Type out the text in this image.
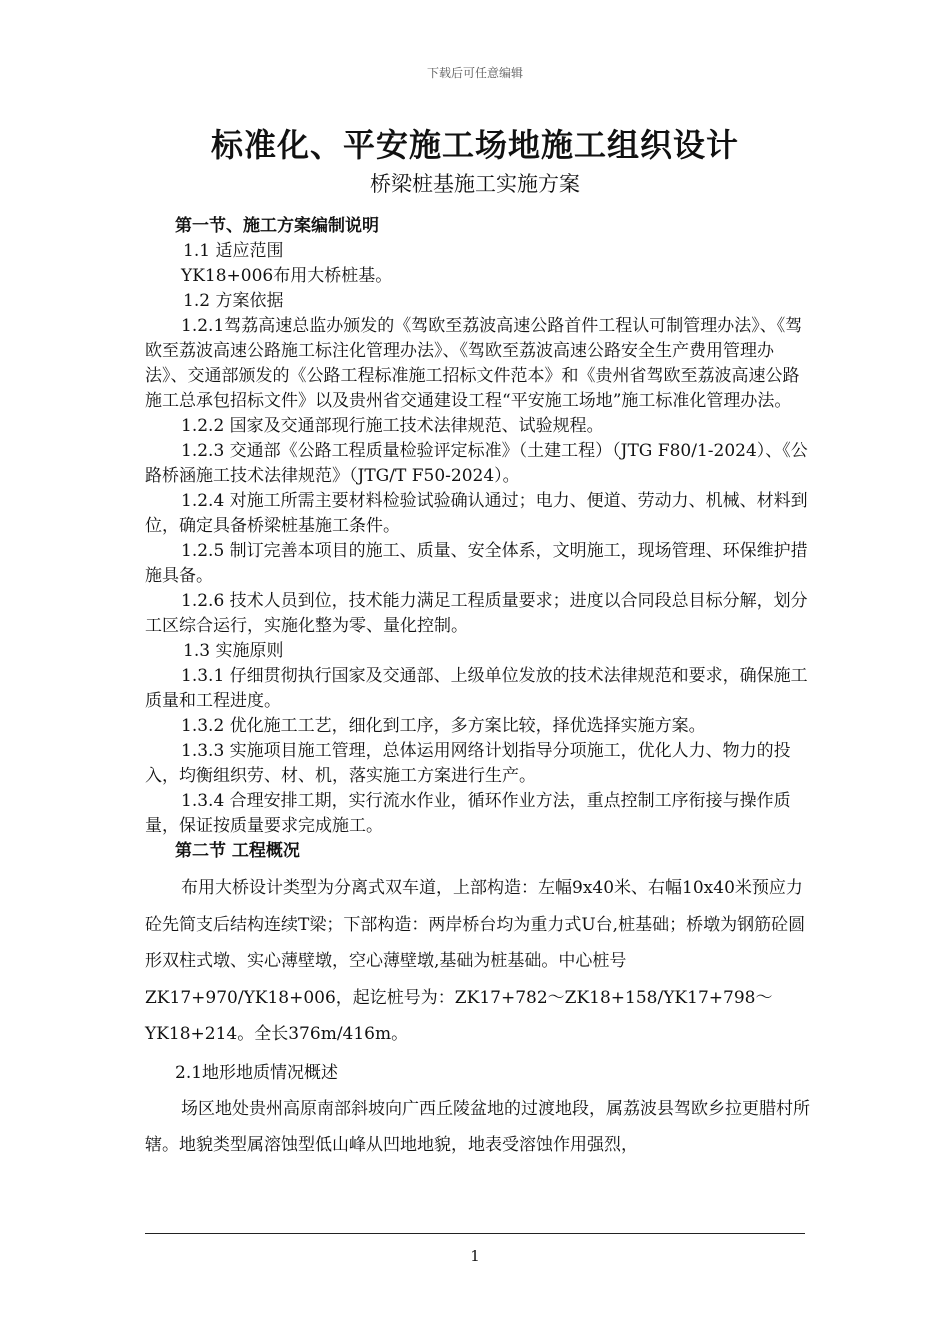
下载后可任意编辑
标准化、平安施工场地施工组织设计
桥梁桩基施工实施方案

第一节、施工方案编制说明

1.1 适应范围

YK18+006布用大桥桩基。

1.2 方案依据

1.2.1驾荔高速总监办颁发的《驾欧至荔波高速公路首件工程认可制管理办法》、《驾欧至荔波高速公路施工标注化管理办法》、《驾欧至荔波高速公路安全生产费用管理办法》、交通部颁发的《公路工程标准施工招标文件范本》和《贵州省驾欧至荔波高速公路施工总承包招标文件》以及贵州省交通建设工程“平安施工场地”施工标准化管理办法。

1.2.2 国家及交通部现行施工技术法律规范、试验规程。

1.2.3 交通部《公路工程质量检验评定标准》（土建工程）（JTG F80/1-2024）、《公路桥涵施工技术法律规范》（JTG/T F50-2024）。

1.2.4 对施工所需主要材料检验试验确认通过；电力、便道、劳动力、机械、材料到位，确定具备桥梁桩基施工条件。

1.2.5 制订完善本项目的施工、质量、安全体系，文明施工，现场管理、环保维护措施具备。

1.2.6 技术人员到位，技术能力满足工程质量要求；进度以合同段总目标分解，划分工区综合运行，实施化整为零、量化控制。

1.3 实施原则

1.3.1 仔细贯彻执行国家及交通部、上级单位发放的技术法律规范和要求，确保施工质量和工程进度。

1.3.2 优化施工工艺，细化到工序，多方案比较，择优选择实施方案。

1.3.3 实施项目施工管理，总体运用网络计划指导分项施工，优化人力、物力的投入，均衡组织劳、材、机，落实施工方案进行生产。

1.3.4 合理安排工期，实行流水作业，循环作业方法，重点控制工序衔接与操作质量，保证按质量要求完成施工。

第二节 工程概况

布用大桥设计类型为分离式双车道，上部构造：左幅9x40米、右幅10x40米预应力砼先简支后结构连续T梁；下部构造：两岸桥台均为重力式U台,桩基础；桥墩为钢筋砼圆形双柱式墩、实心薄壁墩，空心薄壁墩,基础为桩基础。中心桩号ZK17+970/YK18+006，起讫桩号为：ZK17+782～ZK18+158/YK17+798～YK18+214。全长376m/416m。

2.1地形地质情况概述

场区地处贵州高原南部斜坡向广西丘陵盆地的过渡地段，属荔波县驾欧乡拉更腊村所辖。地貌类型属溶蚀型低山峰从凹地地貌，地表受溶蚀作用强烈，

1
